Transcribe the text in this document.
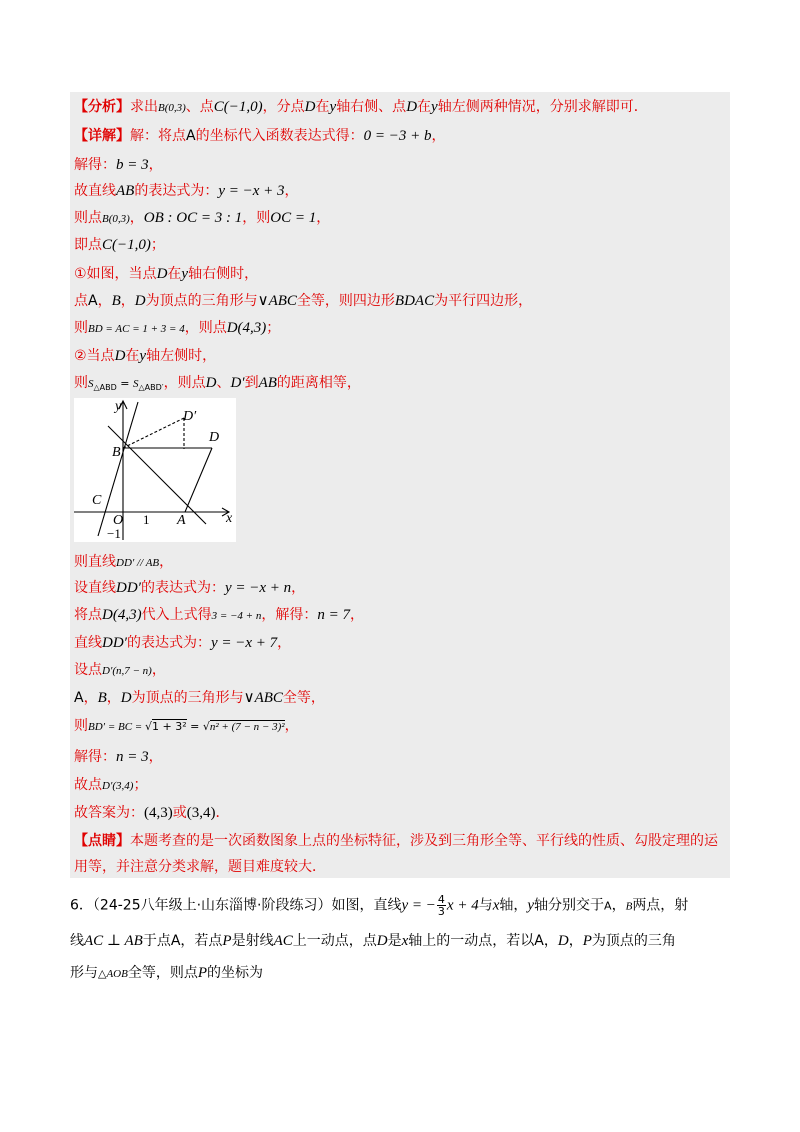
【分析】求出B(0,3)、点C(−1,0)，分点D在y轴右侧、点D在y轴左侧两种情况，分别求解即可．
【详解】解：将点A的坐标代入函数表达式得：0 = −3 + b，
解得：b = 3，
故直线AB的表达式为：y = −x + 3，
则点B(0,3)，OB : OC = 3 : 1，则OC = 1，
即点C(−1,0)；
①如图，当点D在y轴右侧时，
点A，B，D为顶点的三角形与∨ABC全等，则四边形BDAC为平行四边形，
则BD = AC = 1 + 3 = 4，则点D(4,3)；
②当点D在y轴左侧时，
则$S_{\triangle ABD} = S_{\triangle ABD'}$，则点D、D′到AB的距离相等，
y
x
B
C
O	A
D
D′
1
−1
则直线DD′ // AB，
设直线DD′的表达式为：y = −x + n，
将点D(4,3)代入上式得3 = −4 + n，解得：n = 7，
直线DD′的表达式为：y = −x + 7，
设点D′(n,7 − n)，
A，B，D为顶点的三角形与∨ABC全等，
则BD′ = BC = √1 + 3² = √n² + (7 − n − 3)²，
解得：n = 3，
故点D′(3,4)；
故答案为：(4,3)或(3,4)．
【点睛】本题考查的是一次函数图象上点的坐标特征，涉及到三角形全等、平行线的性质、勾股定理的运
用等，并注意分类求解，题目难度较大．
6．（24-25八年级上·山东淄博·阶段练习）如图，直线y = − $\frac{4}{3}$ x + 4与x轴，y轴分别交于A，B两点，射
线AC ⊥ AB于点A，若点P是射线AC上一动点，点D是x轴上的一动点，若以A，D，P为顶点的三角
形与△AOB全等，则点P的坐标为
